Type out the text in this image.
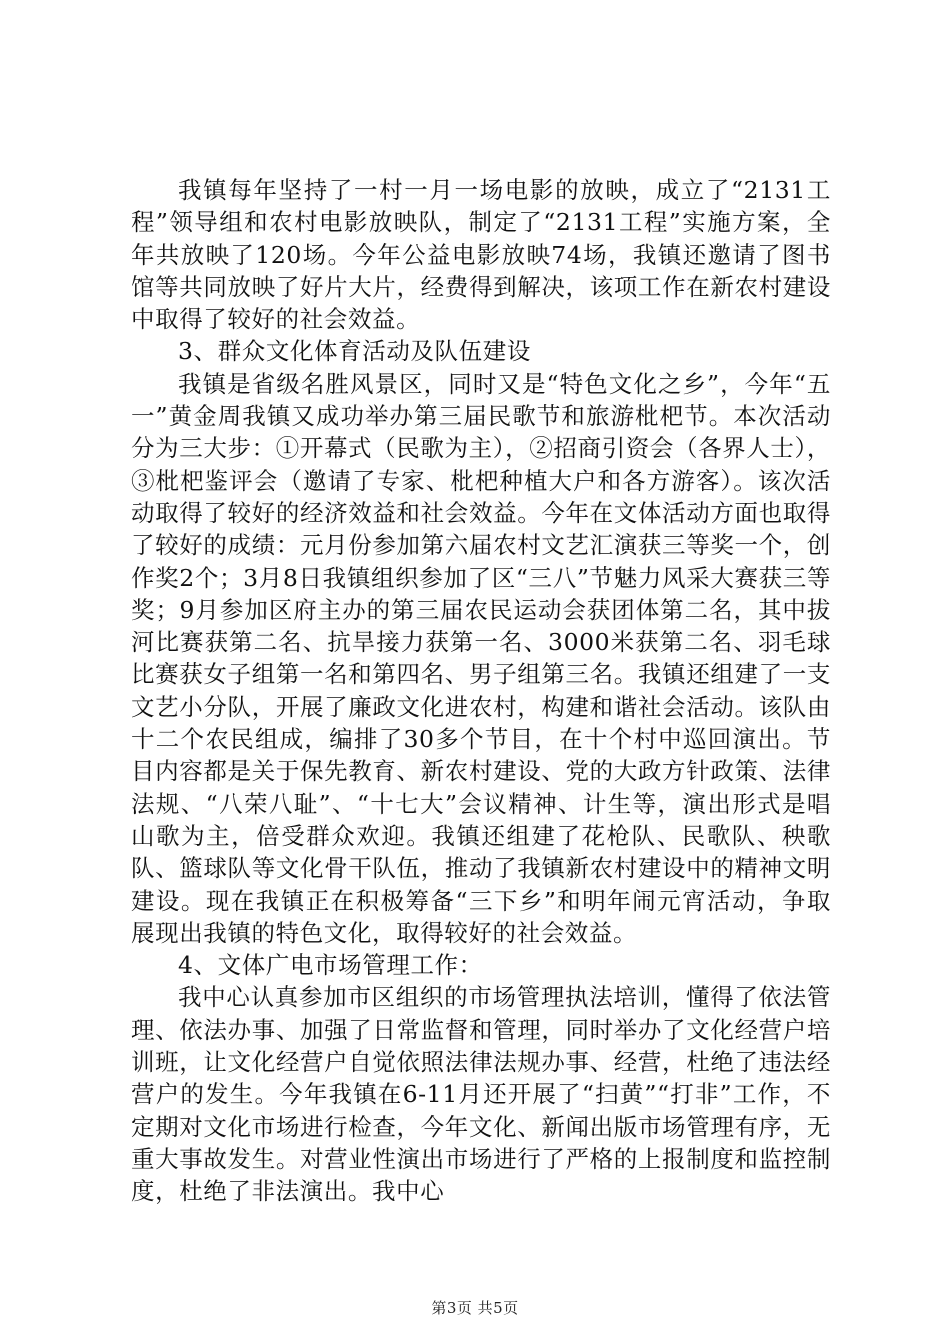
我镇每年坚持了一村一月一场电影的放映，成立了“2131工程”领导组和农村电影放映队，制定了“2131工程”实施方案，全年共放映了120场。今年公益电影放映74场，我镇还邀请了图书馆等共同放映了好片大片，经费得到解决，该项工作在新农村建设中取得了较好的社会效益。

3、群众文化体育活动及队伍建设

我镇是省级名胜风景区，同时又是“特色文化之乡”，今年“五一”黄金周我镇又成功举办第三届民歌节和旅游枇杷节。本次活动分为三大步：①开幕式（民歌为主），②招商引资会（各界人士），③枇杷鉴评会（邀请了专家、枇杷种植大户和各方游客）。该次活动取得了较好的经济效益和社会效益。今年在文体活动方面也取得了较好的成绩：元月份参加第六届农村文艺汇演获三等奖一个，创作奖2个；3月8日我镇组织参加了区“三八”节魅力风采大赛获三等奖；9月参加区府主办的第三届农民运动会获团体第二名，其中拔河比赛获第二名、抗旱接力获第一名、3000米获第二名、羽毛球比赛获女子组第一名和第四名、男子组第三名。我镇还组建了一支文艺小分队，开展了廉政文化进农村，构建和谐社会活动。该队由十二个农民组成，编排了30多个节目，在十个村中巡回演出。节目内容都是关于保先教育、新农村建设、党的大政方针政策、法律法规、“八荣八耻”、“十七大”会议精神、计生等，演出形式是唱山歌为主，倍受群众欢迎。我镇还组建了花枪队、民歌队、秧歌队、篮球队等文化骨干队伍，推动了我镇新农村建设中的精神文明建设。现在我镇正在积极筹备“三下乡”和明年闹元宵活动，争取展现出我镇的特色文化，取得较好的社会效益。

4、文体广电市场管理工作：

我中心认真参加市区组织的市场管理执法培训，懂得了依法管理、依法办事、加强了日常监督和管理，同时举办了文化经营户培训班，让文化经营户自觉依照法律法规办事、经营，杜绝了违法经营户的发生。今年我镇在6-11月还开展了“扫黄”“打非”工作，不定期对文化市场进行检查，今年文化、新闻出版市场管理有序，无重大事故发生。对营业性演出市场进行了严格的上报制度和监控制度，杜绝了非法演出。我中心

第3页 共5页
